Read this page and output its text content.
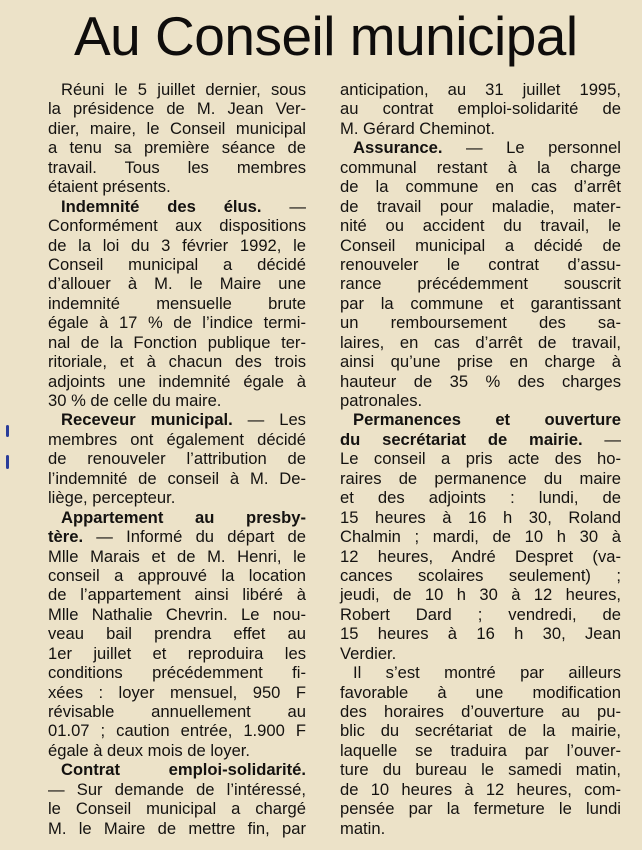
Au Conseil municipal
Réuni le 5 juillet dernier, sous
la présidence de M. Jean Ver-
dier, maire, le Conseil municipal
a tenu sa première séance de
travail. Tous les membres
étaient présents.
Indemnité des élus. —
Conformément aux dispositions
de la loi du 3 février 1992, le
Conseil municipal a décidé
d’allouer à M. le Maire une
indemnité mensuelle brute
égale à 17 % de l’indice termi-
nal de la Fonction publique ter-
ritoriale, et à chacun des trois
adjoints une indemnité égale à
30 % de celle du maire.
Receveur municipal. — Les
membres ont également décidé
de renouveler l’attribution de
l’indemnité de conseil à M. De-
liège, percepteur.
Appartement au presby-
tère. — Informé du départ de
Mlle Marais et de M. Henri, le
conseil a approuvé la location
de l’appartement ainsi libéré à
Mlle Nathalie Chevrin. Le nou-
veau bail prendra effet au
1er juillet et reproduira les
conditions précédemment fi-
xées : loyer mensuel, 950 F
révisable annuellement au
01.07 ; caution entrée, 1.900 F
égale à deux mois de loyer.
Contrat emploi-solidarité.
— Sur demande de l’intéressé,
le Conseil municipal a chargé
M. le Maire de mettre fin, par
anticipation, au 31 juillet 1995,
au contrat emploi-solidarité de
M. Gérard Cheminot.
Assurance. — Le personnel
communal restant à la charge
de la commune en cas d’arrêt
de travail pour maladie, mater-
nité ou accident du travail, le
Conseil municipal a décidé de
renouveler le contrat d’assu-
rance précédemment souscrit
par la commune et garantissant
un remboursement des sa-
laires, en cas d’arrêt de travail,
ainsi qu’une prise en charge à
hauteur de 35 % des charges
patronales.
Permanences et ouverture
du secrétariat de mairie. —
Le conseil a pris acte des ho-
raires de permanence du maire
et des adjoints : lundi, de
15 heures à 16 h 30, Roland
Chalmin ; mardi, de 10 h 30 à
12 heures, André Despret (va-
cances scolaires seulement) ;
jeudi, de 10 h 30 à 12 heures,
Robert Dard ; vendredi, de
15 heures à 16 h 30, Jean
Verdier.
Il s’est montré par ailleurs
favorable à une modification
des horaires d’ouverture au pu-
blic du secrétariat de la mairie,
laquelle se traduira par l’ouver-
ture du bureau le samedi matin,
de 10 heures à 12 heures, com-
pensée par la fermeture le lundi
matin.
